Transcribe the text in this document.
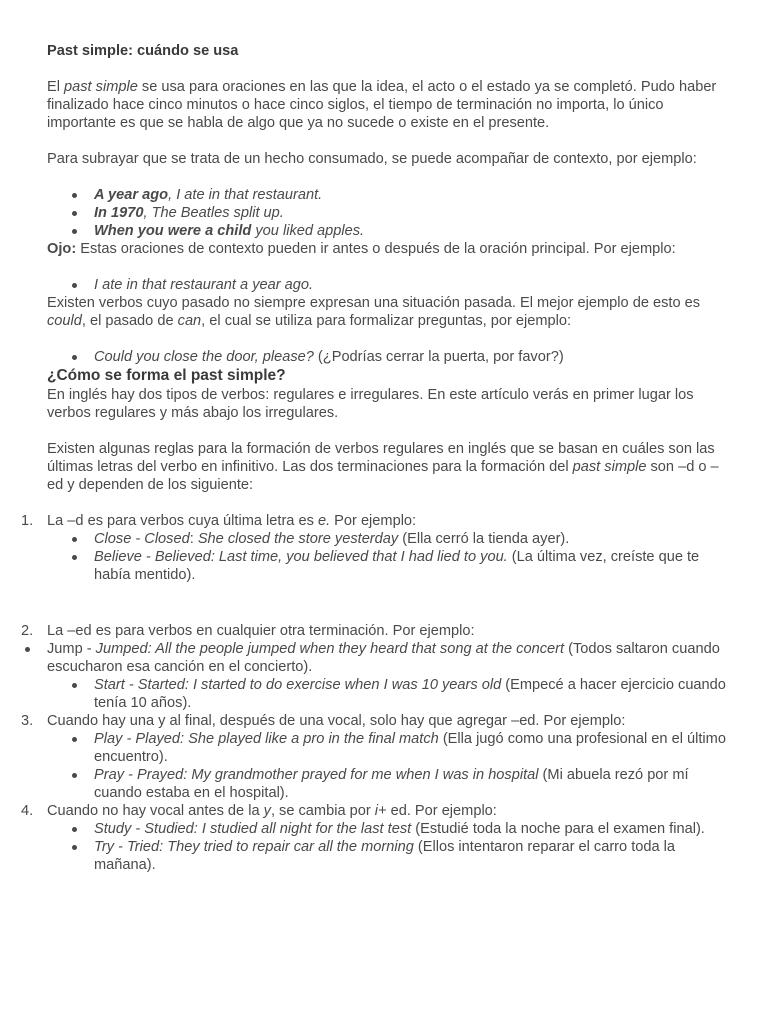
Past simple: cuándo se usa

El past simple se usa para oraciones en las que la idea, el acto o el estado ya se completó. Pudo haber finalizado hace cinco minutos o hace cinco siglos, el tiempo de terminación no importa, lo único importante es que se habla de algo que ya no sucede o existe en el presente.

Para subrayar que se trata de un hecho consumado, se puede acompañar de contexto, por ejemplo:

A year ago, I ate in that restaurant.
In 1970, The Beatles split up.
When you were a child you liked apples.

Ojo: Estas oraciones de contexto pueden ir antes o después de la oración principal. Por ejemplo:

I ate in that restaurant a year ago.

Existen verbos cuyo pasado no siempre expresan una situación pasada. El mejor ejemplo de esto es could, el pasado de can, el cual se utiliza para formalizar preguntas, por ejemplo:

Could you close the door, please? (¿Podrías cerrar la puerta, por favor?)

¿Cómo se forma el past simple?

En inglés hay dos tipos de verbos: regulares e irregulares. En este artículo verás en primer lugar los verbos regulares y más abajo los irregulares.

Existen algunas reglas para la formación de verbos regulares en inglés que se basan en cuáles son las últimas letras del verbo en infinitivo. Las dos terminaciones para la formación del past simple son –d o –ed y dependen de los siguiente:

1. La –d es para verbos cuya última letra es e. Por ejemplo:

Close - Closed: She closed the store yesterday (Ella cerró la tienda ayer).
Believe - Believed: Last time, you believed that I had lied to you. (La última vez, creíste que te había mentido).
2. La –ed es para verbos en cualquier otra terminación. Por ejemplo:

Jump - Jumped: All the people jumped when they heard that song at the concert (Todos saltaron cuando escucharon esa canción en el concierto).

Start - Started: I started to do exercise when I was 10 years old (Empecé a hacer ejercicio cuando tenía 10 años).
3. Cuando hay una y al final, después de una vocal, solo hay que agregar –ed. Por ejemplo:

Play - Played: She played like a pro in the final match (Ella jugó como una profesional en el último encuentro).
Pray - Prayed: My grandmother prayed for me when I was in hospital (Mi abuela rezó por mí cuando estaba en el hospital).
4. Cuando no hay vocal antes de la y, se cambia por i+ ed. Por ejemplo:

Study - Studied: I studied all night for the last test (Estudié toda la noche para el examen final).
Try - Tried: They tried to repair car all the morning (Ellos intentaron reparar el carro toda la mañana).
